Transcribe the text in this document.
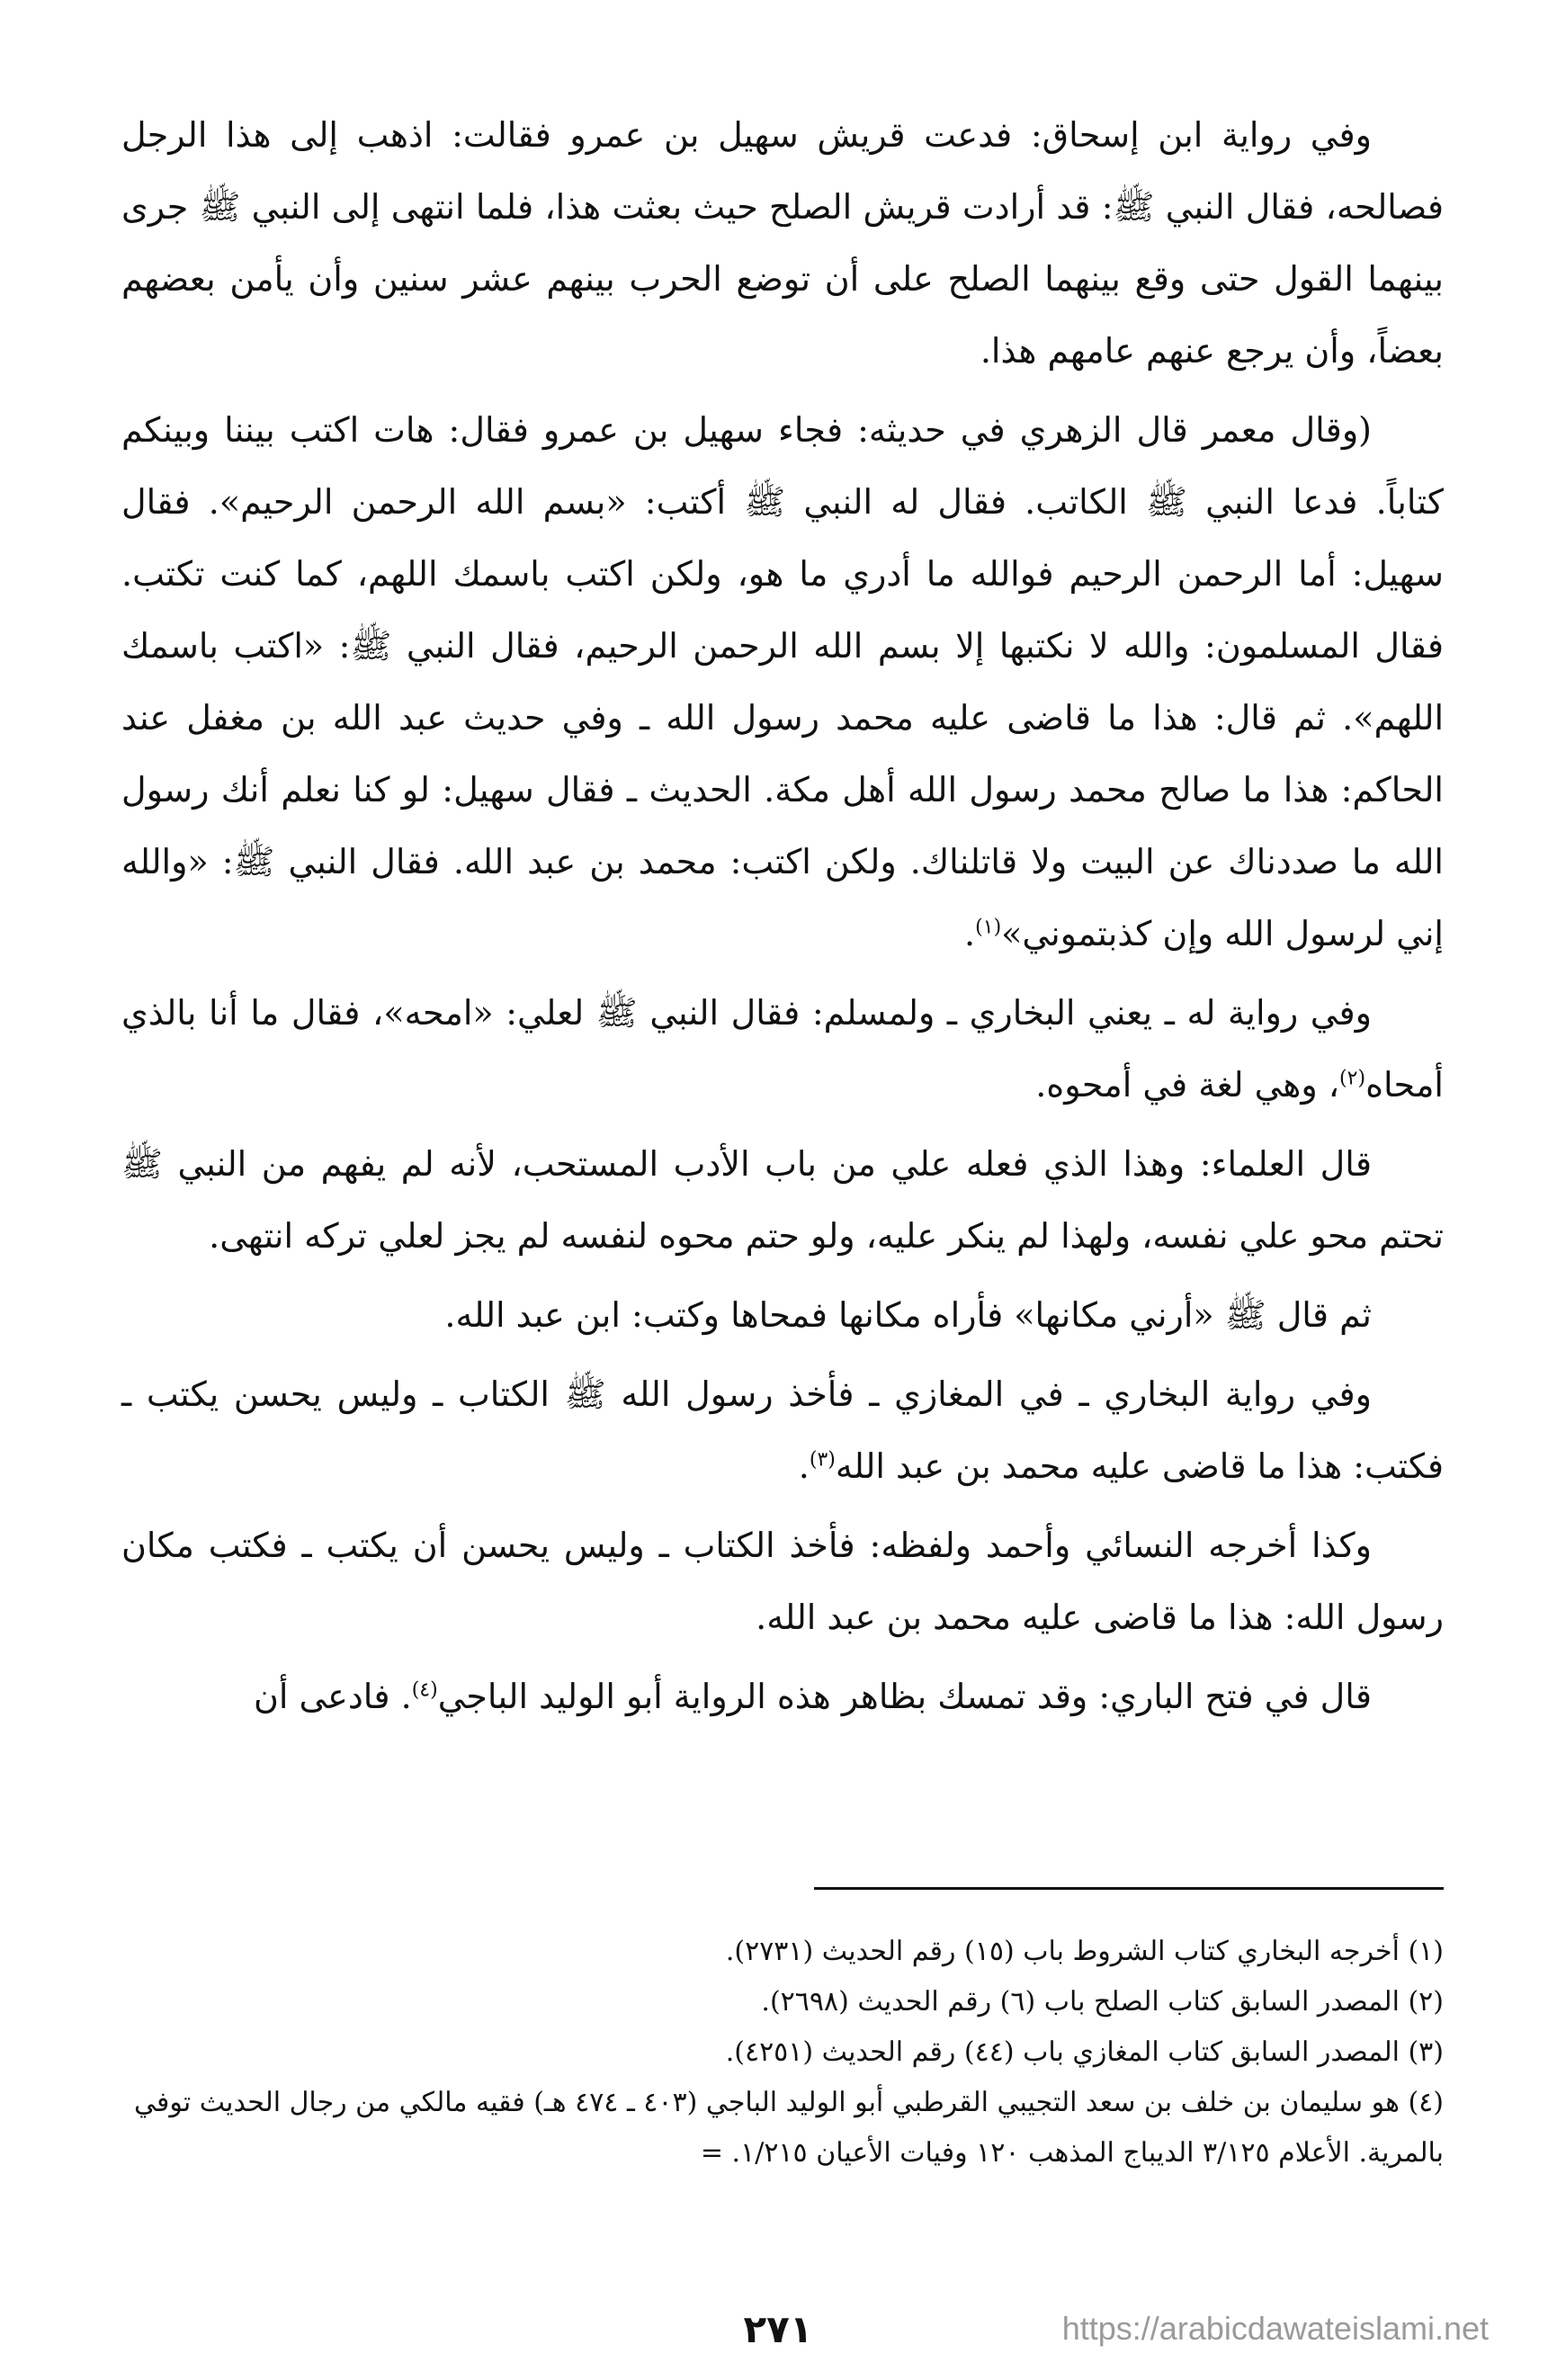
وفي رواية ابن إسحاق: فدعت قريش سهيل بن عمرو فقالت: اذهب إلى هذا الرجل فصالحه، فقال النبي ﷺ: قد أرادت قريش الصلح حيث بعثت هذا، فلما انتهى إلى النبي ﷺ جرى بينهما القول حتى وقع بينهما الصلح على أن توضع الحرب بينهم عشر سنين وأن يأمن بعضهم بعضاً، وأن يرجع عنهم عامهم هذا.

(وقال معمر قال الزهري في حديثه: فجاء سهيل بن عمرو فقال: هات اكتب بيننا وبينكم كتاباً. فدعا النبي ﷺ الكاتب. فقال له النبي ﷺ أكتب: «بسم الله الرحمن الرحيم». فقال سهيل: أما الرحمن الرحيم فوالله ما أدري ما هو، ولكن اكتب باسمك اللهم، كما كنت تكتب. فقال المسلمون: والله لا نكتبها إلا بسم الله الرحمن الرحيم، فقال النبي ﷺ: «اكتب باسمك اللهم». ثم قال: هذا ما قاضى عليه محمد رسول الله ـ وفي حديث عبد الله بن مغفل عند الحاكم: هذا ما صالح محمد رسول الله أهل مكة. الحديث ـ فقال سهيل: لو كنا نعلم أنك رسول الله ما صددناك عن البيت ولا قاتلناك. ولكن اكتب: محمد بن عبد الله. فقال النبي ﷺ: «والله إني لرسول الله وإن كذبتموني»$^{(١)}$.

وفي رواية له ـ يعني البخاري ـ ولمسلم: فقال النبي ﷺ لعلي: «امحه»، فقال ما أنا بالذي أمحاه$^{(٢)}$، وهي لغة في أمحوه.

قال العلماء: وهذا الذي فعله علي من باب الأدب المستحب، لأنه لم يفهم من النبي ﷺ تحتم محو علي نفسه، ولهذا لم ينكر عليه، ولو حتم محوه لنفسه لم يجز لعلي تركه انتهى.

ثم قال ﷺ «أرني مكانها» فأراه مكانها فمحاها وكتب: ابن عبد الله.

وفي رواية البخاري ـ في المغازي ـ فأخذ رسول الله ﷺ الكتاب ـ وليس يحسن يكتب ـ فكتب: هذا ما قاضى عليه محمد بن عبد الله$^{(٣)}$.

وكذا أخرجه النسائي وأحمد ولفظه: فأخذ الكتاب ـ وليس يحسن أن يكتب ـ فكتب مكان رسول الله: هذا ما قاضى عليه محمد بن عبد الله.

قال في فتح الباري: وقد تمسك بظاهر هذه الرواية أبو الوليد الباجي$^{(٤)}$. فادعى أن

(١) أخرجه البخاري كتاب الشروط باب (١٥) رقم الحديث (٢٧٣١).

(٢) المصدر السابق كتاب الصلح باب (٦) رقم الحديث (٢٦٩٨).

(٣) المصدر السابق كتاب المغازي باب (٤٤) رقم الحديث (٤٢٥١).

(٤) هو سليمان بن خلف بن سعد التجيبي القرطبي أبو الوليد الباجي (٤٠٣ ـ ٤٧٤ هـ) فقيه مالكي من رجال الحديث توفي بالمرية. الأعلام ٣/١٢٥ الديباج المذهب ١٢٠ وفيات الأعيان ١/٢١٥. =

٢٧١	https://arabicdawateislami.net
